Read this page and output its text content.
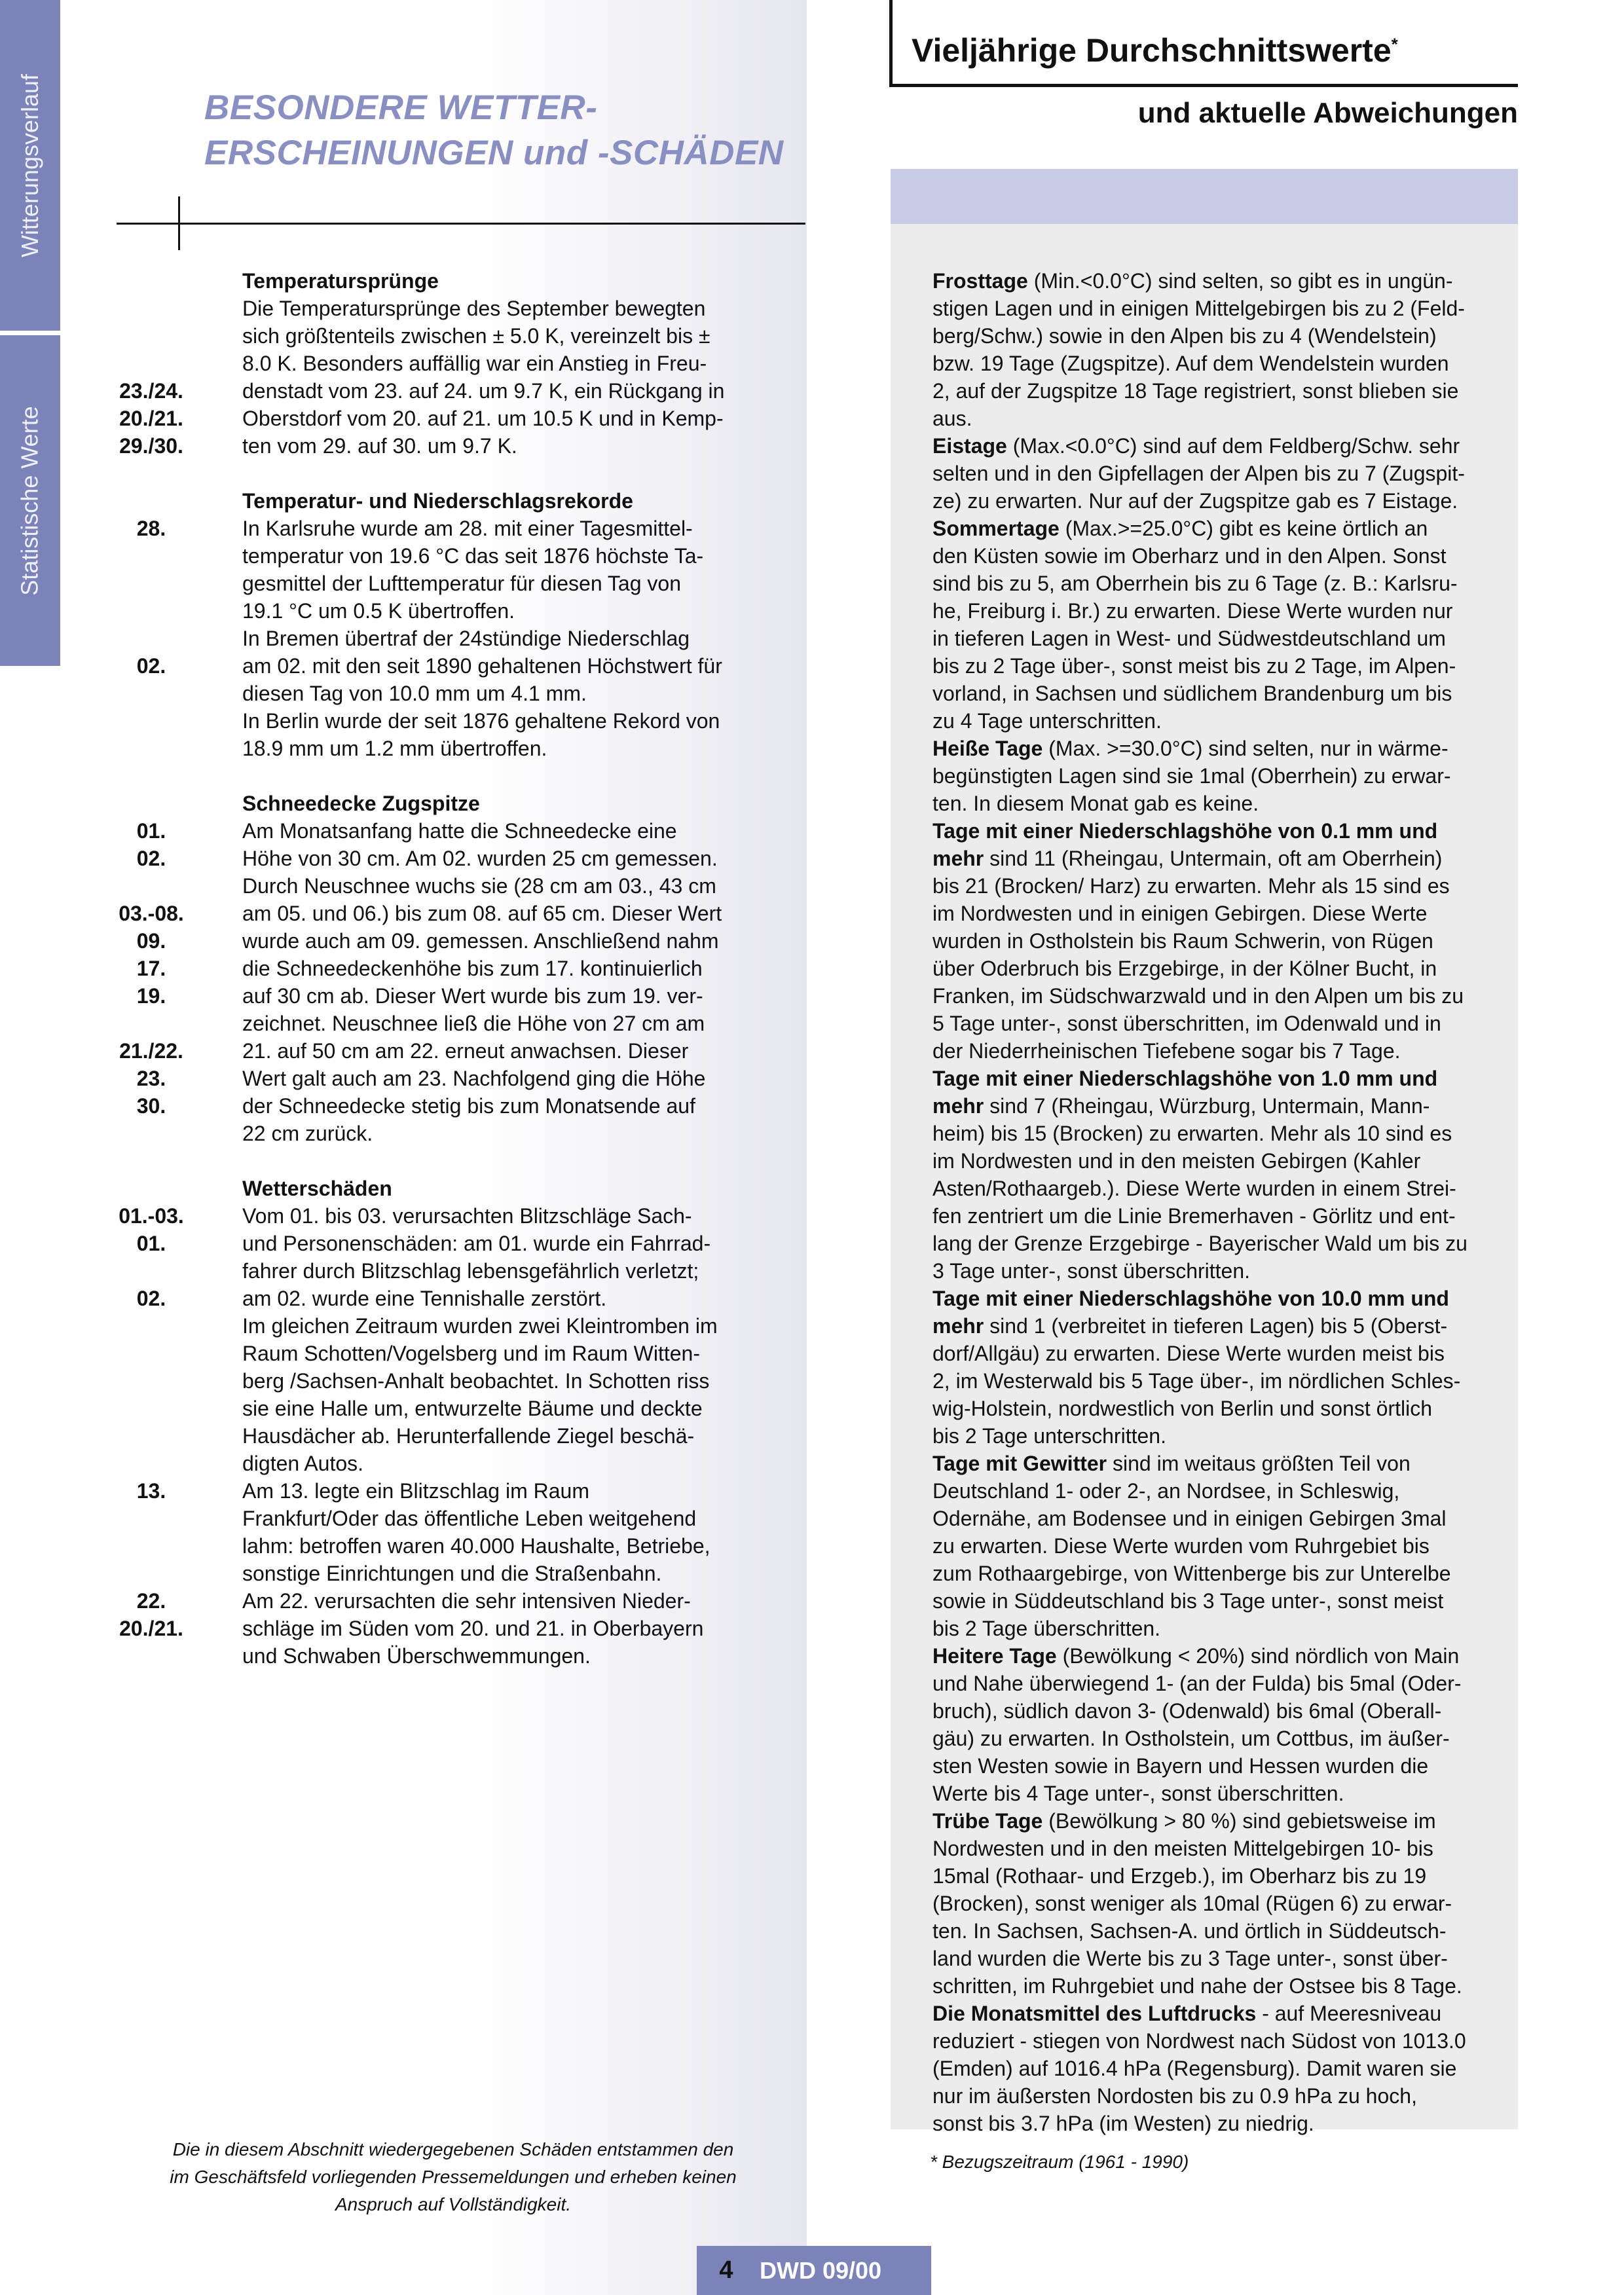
Witterungsverlauf
Statistische Werte
BESONDERE WETTER-
ERSCHEINUNGEN und -SCHÄDEN
Temperatursprünge
Die Temperatursprünge des September bewegten
sich größtenteils zwischen ± 5.0 K, vereinzelt bis ±
8.0 K. Besonders auffällig war ein Anstieg in Freu-
23./24.	denstadt vom 23. auf 24. um 9.7 K, ein Rückgang in
20./21.	Oberstdorf vom 20. auf 21. um 10.5 K und in Kemp-
29./30.	ten vom 29. auf 30. um 9.7 K.

Temperatur- und Niederschlagsrekorde
28.	In Karlsruhe wurde am 28. mit einer Tagesmittel-
temperatur von 19.6 °C das seit 1876 höchste Ta-
gesmittel der Lufttemperatur für diesen Tag von
19.1 °C um 0.5 K übertroffen.
In Bremen übertraf der 24stündige Niederschlag
02.	am 02. mit den seit 1890 gehaltenen Höchstwert für
diesen Tag von 10.0 mm um 4.1 mm.
In Berlin wurde der seit 1876 gehaltene Rekord von
18.9 mm um 1.2 mm übertroffen.

Schneedecke Zugspitze
01.	Am Monatsanfang hatte die Schneedecke eine
02.	Höhe von 30 cm. Am 02. wurden 25 cm gemessen.
Durch Neuschnee wuchs sie (28 cm am 03., 43 cm
03.-08.	am 05. und 06.) bis zum 08. auf 65 cm. Dieser Wert
09.	wurde auch am 09. gemessen. Anschließend nahm
17.	die Schneedeckenhöhe bis zum 17. kontinuierlich
19.	auf 30 cm ab. Dieser Wert wurde bis zum 19. ver-
zeichnet. Neuschnee ließ die Höhe von 27 cm am
21./22.	21. auf 50 cm am 22. erneut anwachsen. Dieser
23.	Wert galt auch am 23. Nachfolgend ging die Höhe
30.	der Schneedecke stetig bis zum Monatsende auf
22 cm zurück.

Wetterschäden
01.-03.	Vom 01. bis 03. verursachten Blitzschläge Sach-
01.	und Personenschäden: am 01. wurde ein Fahrrad-
fahrer durch Blitzschlag lebensgefährlich verletzt;
02.	am 02. wurde eine Tennishalle zerstört.
Im gleichen Zeitraum wurden zwei Kleintromben im
Raum Schotten/Vogelsberg und im Raum Witten-
berg /Sachsen-Anhalt beobachtet. In Schotten riss
sie eine Halle um, entwurzelte Bäume und deckte
Hausdächer ab. Herunterfallende Ziegel beschä-
digten Autos.
13.	Am 13. legte ein Blitzschlag im Raum
Frankfurt/Oder das öffentliche Leben weitgehend
lahm: betroffen waren 40.000 Haushalte, Betriebe,
sonstige Einrichtungen und die Straßenbahn.
22.	Am 22. verursachten die sehr intensiven Nieder-
20./21.	schläge im Süden vom 20. und 21. in Oberbayern
und Schwaben Überschwemmungen.
Vieljährige Durchschnittswerte*
und aktuelle Abweichungen
Frosttage (Min.<0.0°C) sind selten, so gibt es in ungün-
stigen Lagen und in einigen Mittelgebirgen bis zu 2 (Feld-
berg/Schw.) sowie in den Alpen bis zu 4 (Wendelstein)
bzw. 19 Tage (Zugspitze). Auf dem Wendelstein wurden
2, auf der Zugspitze 18 Tage registriert, sonst blieben sie
aus.
Eistage (Max.<0.0°C) sind auf dem Feldberg/Schw. sehr
selten und in den Gipfellagen der Alpen bis zu 7 (Zugspit-
ze) zu erwarten. Nur auf der Zugspitze gab es 7 Eistage.
Sommertage (Max.>=25.0°C) gibt es keine örtlich an
den Küsten sowie im Oberharz und in den Alpen. Sonst
sind bis zu 5, am Oberrhein bis zu 6 Tage (z. B.: Karlsru-
he, Freiburg i. Br.) zu erwarten. Diese Werte wurden nur
in tieferen Lagen in West- und Südwestdeutschland um
bis zu 2 Tage über-, sonst meist bis zu 2 Tage, im Alpen-
vorland, in Sachsen und südlichem Brandenburg um bis
zu 4 Tage unterschritten.
Heiße Tage (Max. >=30.0°C) sind selten, nur in wärme-
begünstigten Lagen sind sie 1mal (Oberrhein) zu erwar-
ten. In diesem Monat gab es keine.
Tage mit einer Niederschlagshöhe von 0.1 mm und
mehr sind 11 (Rheingau, Untermain, oft am Oberrhein)
bis 21 (Brocken/ Harz) zu erwarten. Mehr als 15 sind es
im Nordwesten und in einigen Gebirgen. Diese Werte
wurden in Ostholstein bis Raum Schwerin, von Rügen
über Oderbruch bis Erzgebirge, in der Kölner Bucht, in
Franken, im Südschwarzwald und in den Alpen um bis zu
5 Tage unter-, sonst überschritten, im Odenwald und in
der Niederrheinischen Tiefebene sogar bis 7 Tage.
Tage mit einer Niederschlagshöhe von 1.0 mm und
mehr sind 7 (Rheingau, Würzburg, Untermain, Mann-
heim) bis 15 (Brocken) zu erwarten. Mehr als 10 sind es
im Nordwesten und in den meisten Gebirgen (Kahler
Asten/Rothaargeb.). Diese Werte wurden in einem Strei-
fen zentriert um die Linie Bremerhaven - Görlitz und ent-
lang der Grenze Erzgebirge - Bayerischer Wald um bis zu
3 Tage unter-, sonst überschritten.
Tage mit einer Niederschlagshöhe von 10.0 mm und
mehr sind 1 (verbreitet in tieferen Lagen) bis 5 (Oberst-
dorf/Allgäu) zu erwarten. Diese Werte wurden meist bis
2, im Westerwald bis 5 Tage über-, im nördlichen Schles-
wig-Holstein, nordwestlich von Berlin und sonst örtlich
bis 2 Tage unterschritten.
Tage mit Gewitter sind im weitaus größten Teil von
Deutschland 1- oder 2-, an Nordsee, in Schleswig,
Odernähe, am Bodensee und in einigen Gebirgen 3mal
zu erwarten. Diese Werte wurden vom Ruhrgebiet bis
zum Rothaargebirge, von Wittenberge bis zur Unterelbe
sowie in Süddeutschland bis 3 Tage unter-, sonst meist
bis 2 Tage überschritten.
Heitere Tage (Bewölkung < 20%) sind nördlich von Main
und Nahe überwiegend 1- (an der Fulda) bis 5mal (Oder-
bruch), südlich davon 3- (Odenwald) bis 6mal (Oberall-
gäu) zu erwarten. In Ostholstein, um Cottbus, im äußer-
sten Westen sowie in Bayern und Hessen wurden die
Werte bis 4 Tage unter-, sonst überschritten.
Trübe Tage (Bewölkung > 80 %) sind gebietsweise im
Nordwesten und in den meisten Mittelgebirgen 10- bis
15mal (Rothaar- und Erzgeb.), im Oberharz bis zu 19
(Brocken), sonst weniger als 10mal (Rügen 6) zu erwar-
ten. In Sachsen, Sachsen-A. und örtlich in Süddeutsch-
land wurden die Werte bis zu 3 Tage unter-, sonst über-
schritten, im Ruhrgebiet und nahe der Ostsee bis 8 Tage.
Die Monatsmittel des Luftdrucks - auf Meeresniveau
reduziert - stiegen von Nordwest nach Südost von 1013.0
(Emden) auf 1016.4 hPa (Regensburg). Damit waren sie
nur im äußersten Nordosten bis zu 0.9 hPa zu hoch,
sonst bis 3.7 hPa (im Westen) zu niedrig.
Die in diesem Abschnitt wiedergegebenen Schäden entstammen den
im Geschäftsfeld vorliegenden Pressemeldungen und erheben keinen
Anspruch auf Vollständigkeit.
* Bezugszeitraum (1961 - 1990)
4	DWD 09/00
